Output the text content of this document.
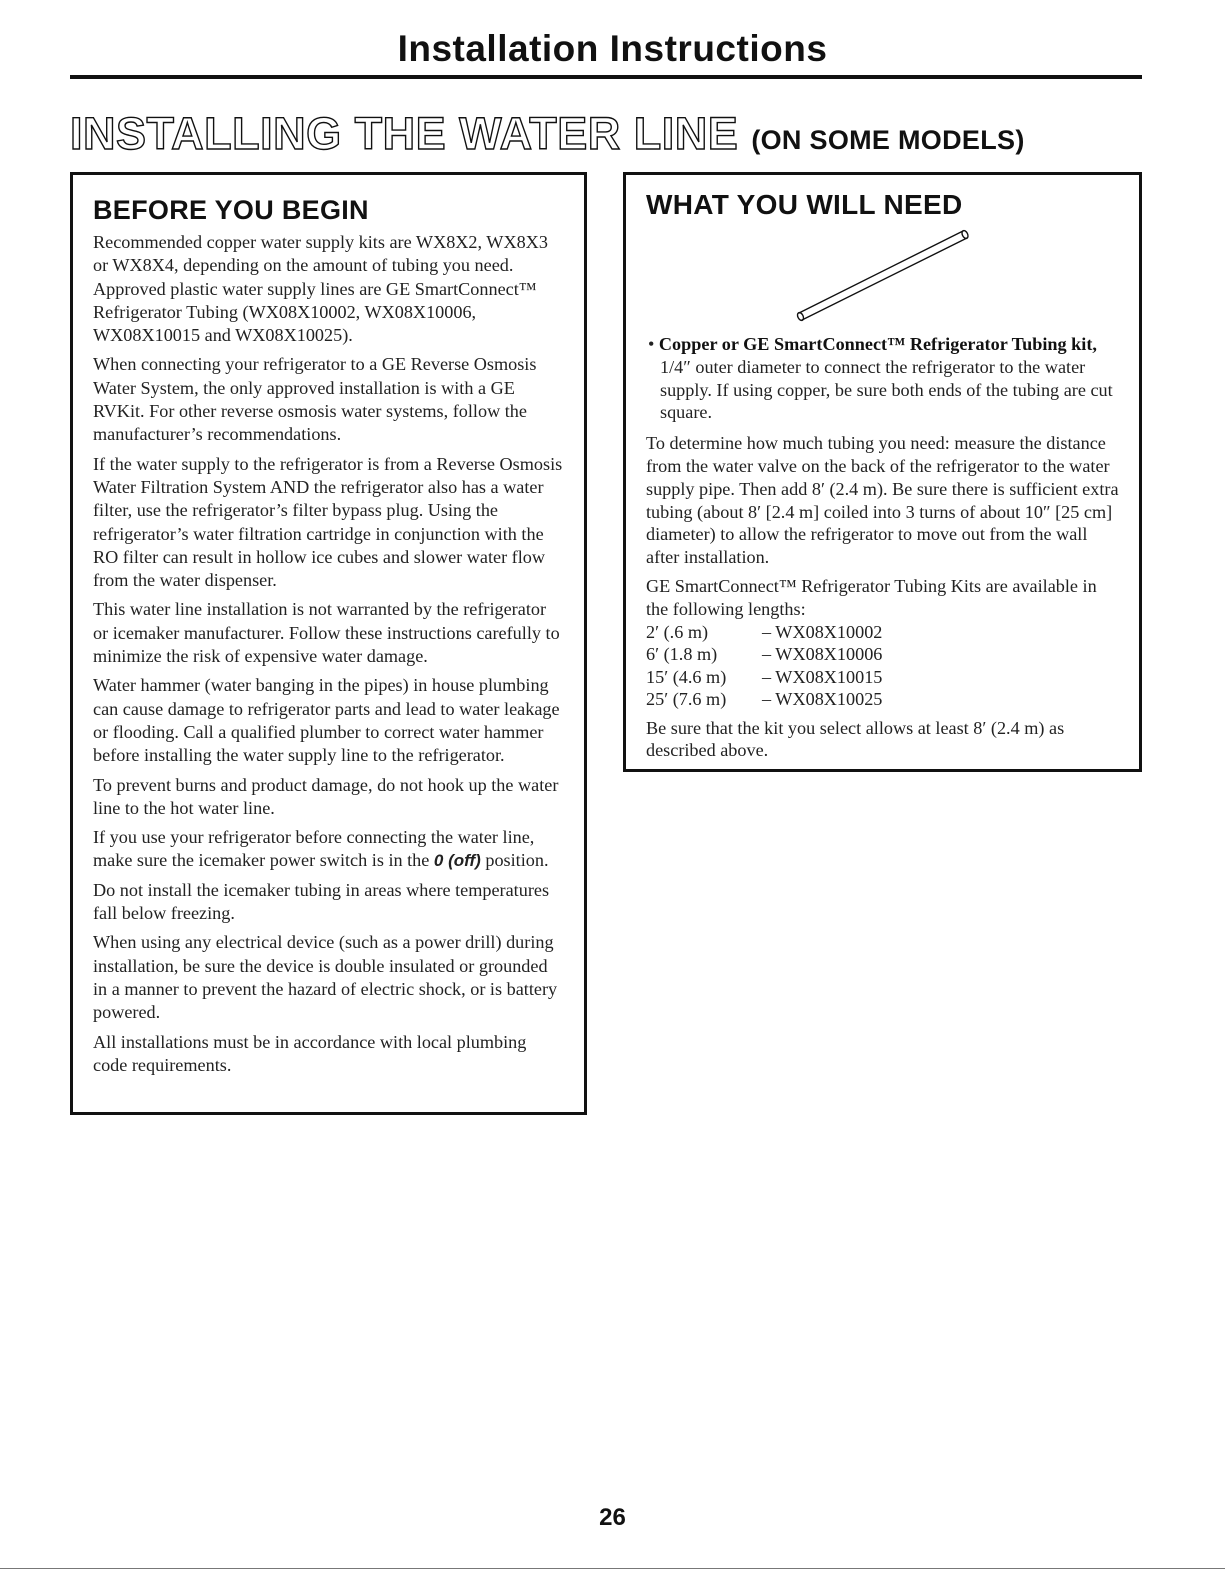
Installation Instructions
INSTALLING THE WATER LINE (ON SOME MODELS)
BEFORE YOU BEGIN

Recommended copper water supply kits are WX8X2, WX8X3 or WX8X4, depending on the amount of tubing you need. Approved plastic water supply lines are GE SmartConnect™ Refrigerator Tubing (WX08X10002, WX08X10006, WX08X10015 and WX08X10025).

When connecting your refrigerator to a GE Reverse Osmosis Water System, the only approved installation is with a GE RVKit. For other reverse osmosis water systems, follow the manufacturer’s recommendations.

If the water supply to the refrigerator is from a Reverse Osmosis Water Filtration System AND the refrigerator also has a water filter, use the refrigerator’s filter bypass plug. Using the refrigerator’s water filtration cartridge in conjunction with the RO filter can result in hollow ice cubes and slower water flow from the water dispenser.

This water line installation is not warranted by the refrigerator or icemaker manufacturer. Follow these instructions carefully to minimize the risk of expensive water damage.

Water hammer (water banging in the pipes) in house plumbing can cause damage to refrigerator parts and lead to water leakage or flooding. Call a qualified plumber to correct water hammer before installing the water supply line to the refrigerator.

To prevent burns and product damage, do not hook up the water line to the hot water line.

If you use your refrigerator before connecting the water line, make sure the icemaker power switch is in the 0 (off) position.

Do not install the icemaker tubing in areas where temperatures fall below freezing.

When using any electrical device (such as a power drill) during installation, be sure the device is double insulated or grounded in a manner to prevent the hazard of electric shock, or is battery powered.

All installations must be in accordance with local plumbing code requirements.

WHAT YOU WILL NEED
• Copper or GE SmartConnect™ Refrigerator Tubing kit, 1/4″ outer diameter to connect the refrigerator to the water supply. If using copper, be sure both ends of the tubing are cut square.

To determine how much tubing you need: measure the distance from the water valve on the back of the refrigerator to the water supply pipe. Then add 8′ (2.4 m). Be sure there is sufficient extra tubing (about 8′ [2.4 m] coiled into 3 turns of about 10″ [25 cm] diameter) to allow the refrigerator to move out from the wall after installation.

GE SmartConnect™ Refrigerator Tubing Kits are available in the following lengths:

2′ (.6 m)	– WX08X10002
6′ (1.8 m)	– WX08X10006
15′ (4.6 m)	– WX08X10015
25′ (7.6 m)	– WX08X10025

Be sure that the kit you select allows at least 8′ (2.4 m) as described above.

26
